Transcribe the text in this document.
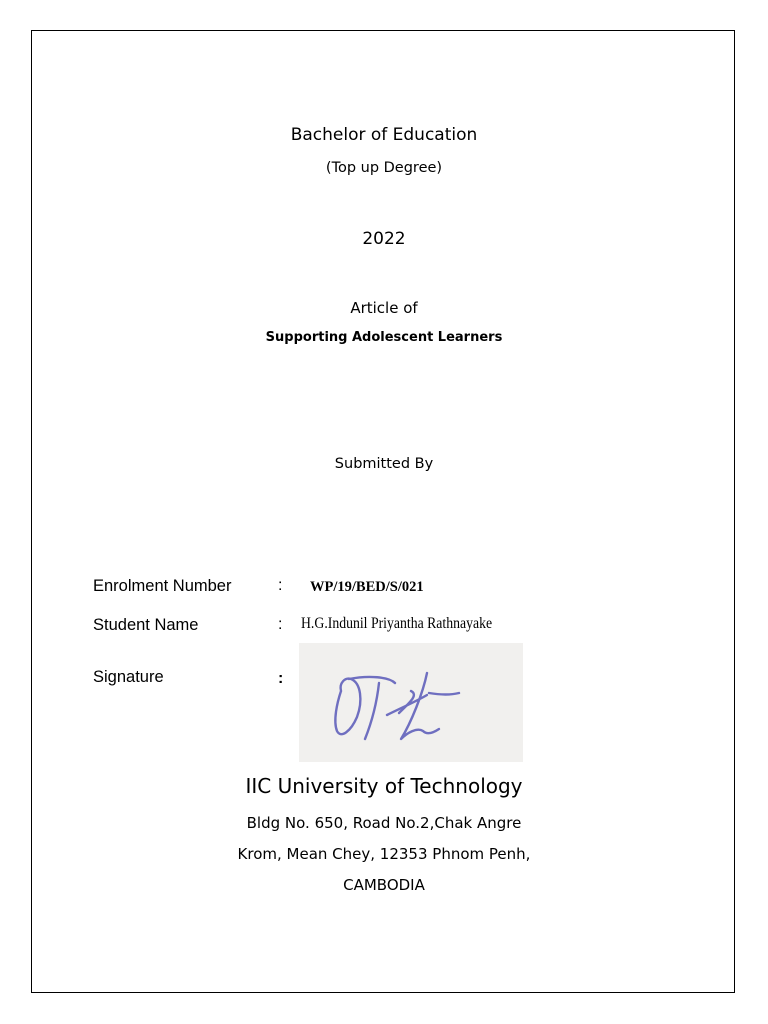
Bachelor of Education
(Top up Degree)
2022
Article of
Supporting Adolescent Learners
Submitted By
Enrolment Number	: WP/19/BED/S/021
Student Name	: H.G.Indunil Priyantha Rathnayake
Signature	:
IIC University of Technology
Bldg No. 650, Road No.2,Chak Angre
Krom, Mean Chey, 12353 Phnom Penh,
CAMBODIA
